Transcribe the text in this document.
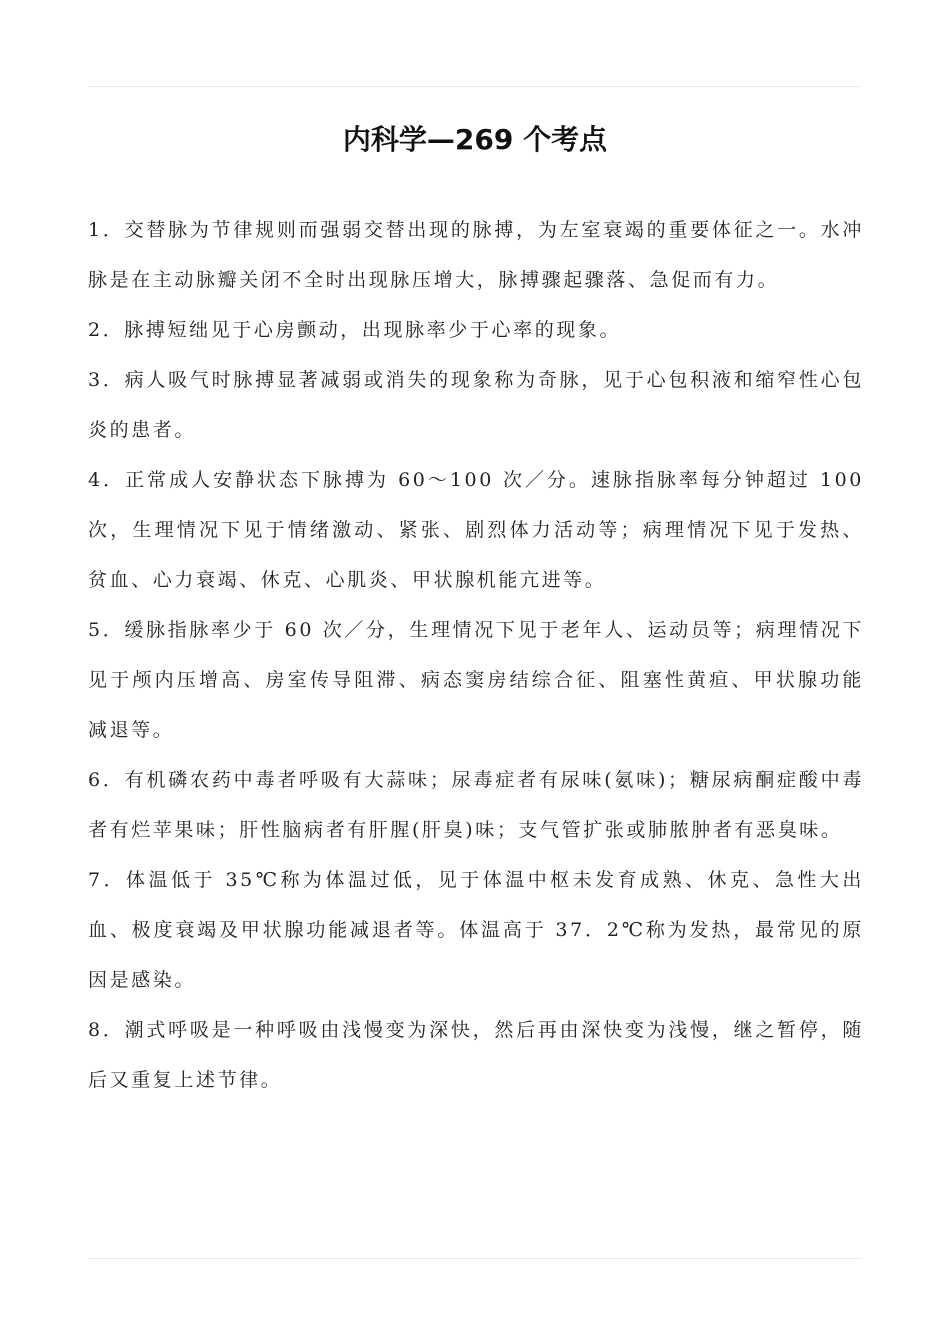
内科学—269 个考点

1．交替脉为节律规则而强弱交替出现的脉搏，为左室衰竭的重要体征之一。水冲脉是在主动脉瓣关闭不全时出现脉压增大，脉搏骤起骤落、急促而有力。

2．脉搏短绌见于心房颤动，出现脉率少于心率的现象。

3．病人吸气时脉搏显著减弱或消失的现象称为奇脉，见于心包积液和缩窄性心包炎的患者。

4．正常成人安静状态下脉搏为 60～100 次／分。速脉指脉率每分钟超过 100 次，生理情况下见于情绪激动、紧张、剧烈体力活动等；病理情况下见于发热、贫血、心力衰竭、休克、心肌炎、甲状腺机能亢进等。

5．缓脉指脉率少于 60 次／分，生理情况下见于老年人、运动员等；病理情况下见于颅内压增高、房室传导阻滞、病态窦房结综合征、阻塞性黄疸、甲状腺功能减退等。

6．有机磷农药中毒者呼吸有大蒜味；尿毒症者有尿味(氨味)；糖尿病酮症酸中毒者有烂苹果味；肝性脑病者有肝腥(肝臭)味；支气管扩张或肺脓肿者有恶臭味。

7．体温低于 35℃称为体温过低，见于体温中枢未发育成熟、休克、急性大出血、极度衰竭及甲状腺功能减退者等。体温高于 37．2℃称为发热，最常见的原因是感染。

8．潮式呼吸是一种呼吸由浅慢变为深快，然后再由深快变为浅慢，继之暂停，随后又重复上述节律。
